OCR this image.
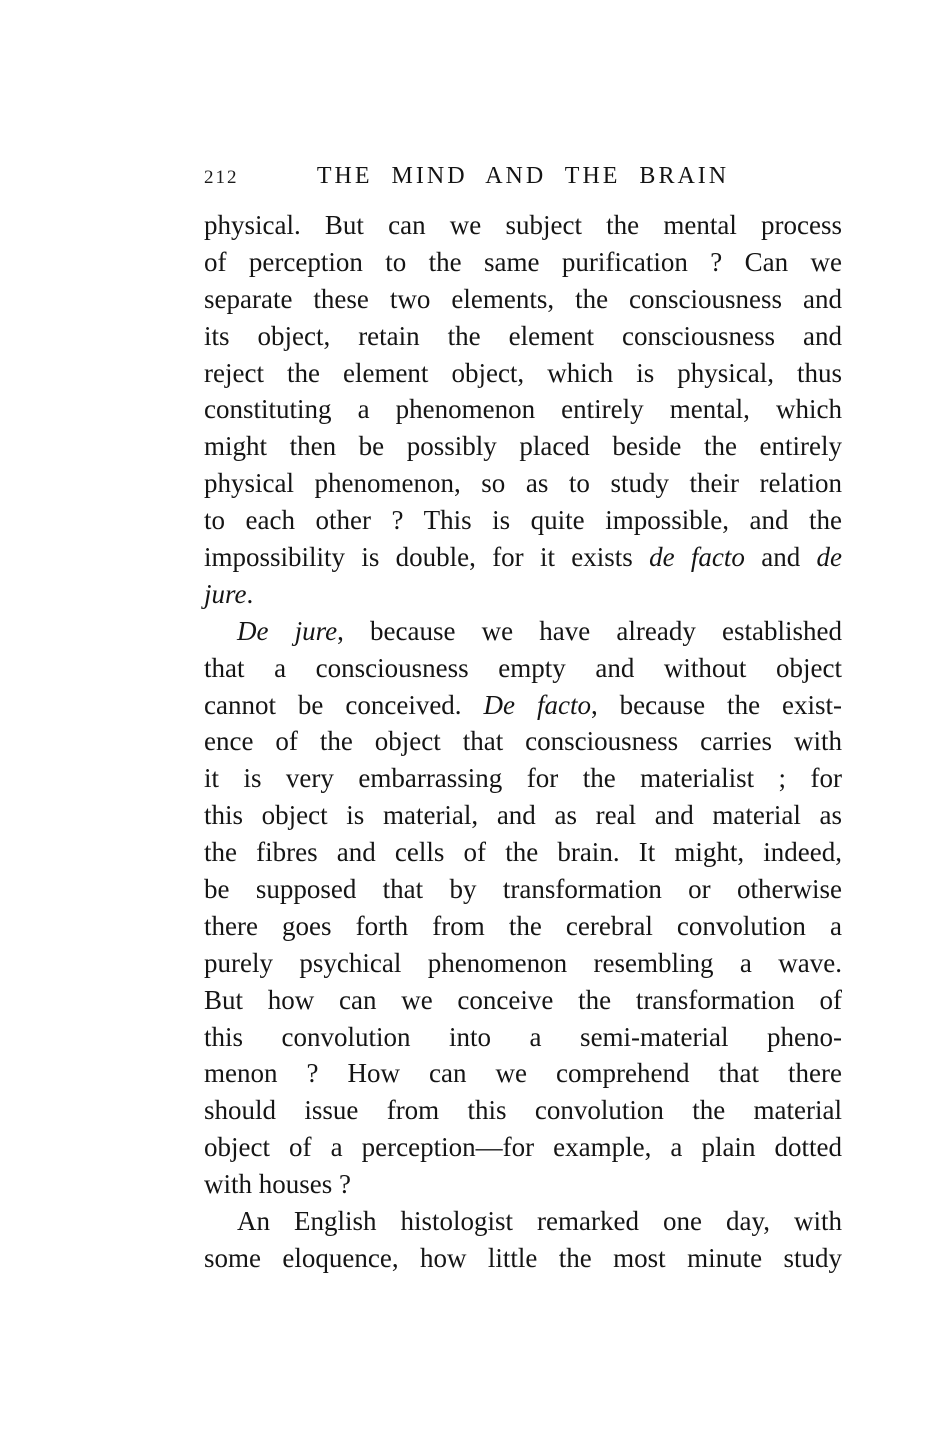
212	THE MIND AND THE BRAIN
physical. But can we subject the mental process
of perception to the same purification ? Can we
separate these two elements, the consciousness and
its object, retain the element consciousness and
reject the element object, which is physical, thus
constituting a phenomenon entirely mental, which
might then be possibly placed beside the entirely
physical phenomenon, so as to study their relation
to each other ? This is quite impossible, and the
impossibility is double, for it exists de facto and de
jure.
De jure, because we have already established
that a consciousness empty and without object
cannot be conceived. De facto, because the exist-
ence of the object that consciousness carries with
it is very embarrassing for the materialist ; for
this object is material, and as real and material as
the fibres and cells of the brain. It might, indeed,
be supposed that by transformation or otherwise
there goes forth from the cerebral convolution a
purely psychical phenomenon resembling a wave.
But how can we conceive the transformation of
this convolution into a semi-material pheno-
menon ? How can we comprehend that there
should issue from this convolution the material
object of a perception—for example, a plain dotted
with houses ?
An English histologist remarked one day, with
some eloquence, how little the most minute study
